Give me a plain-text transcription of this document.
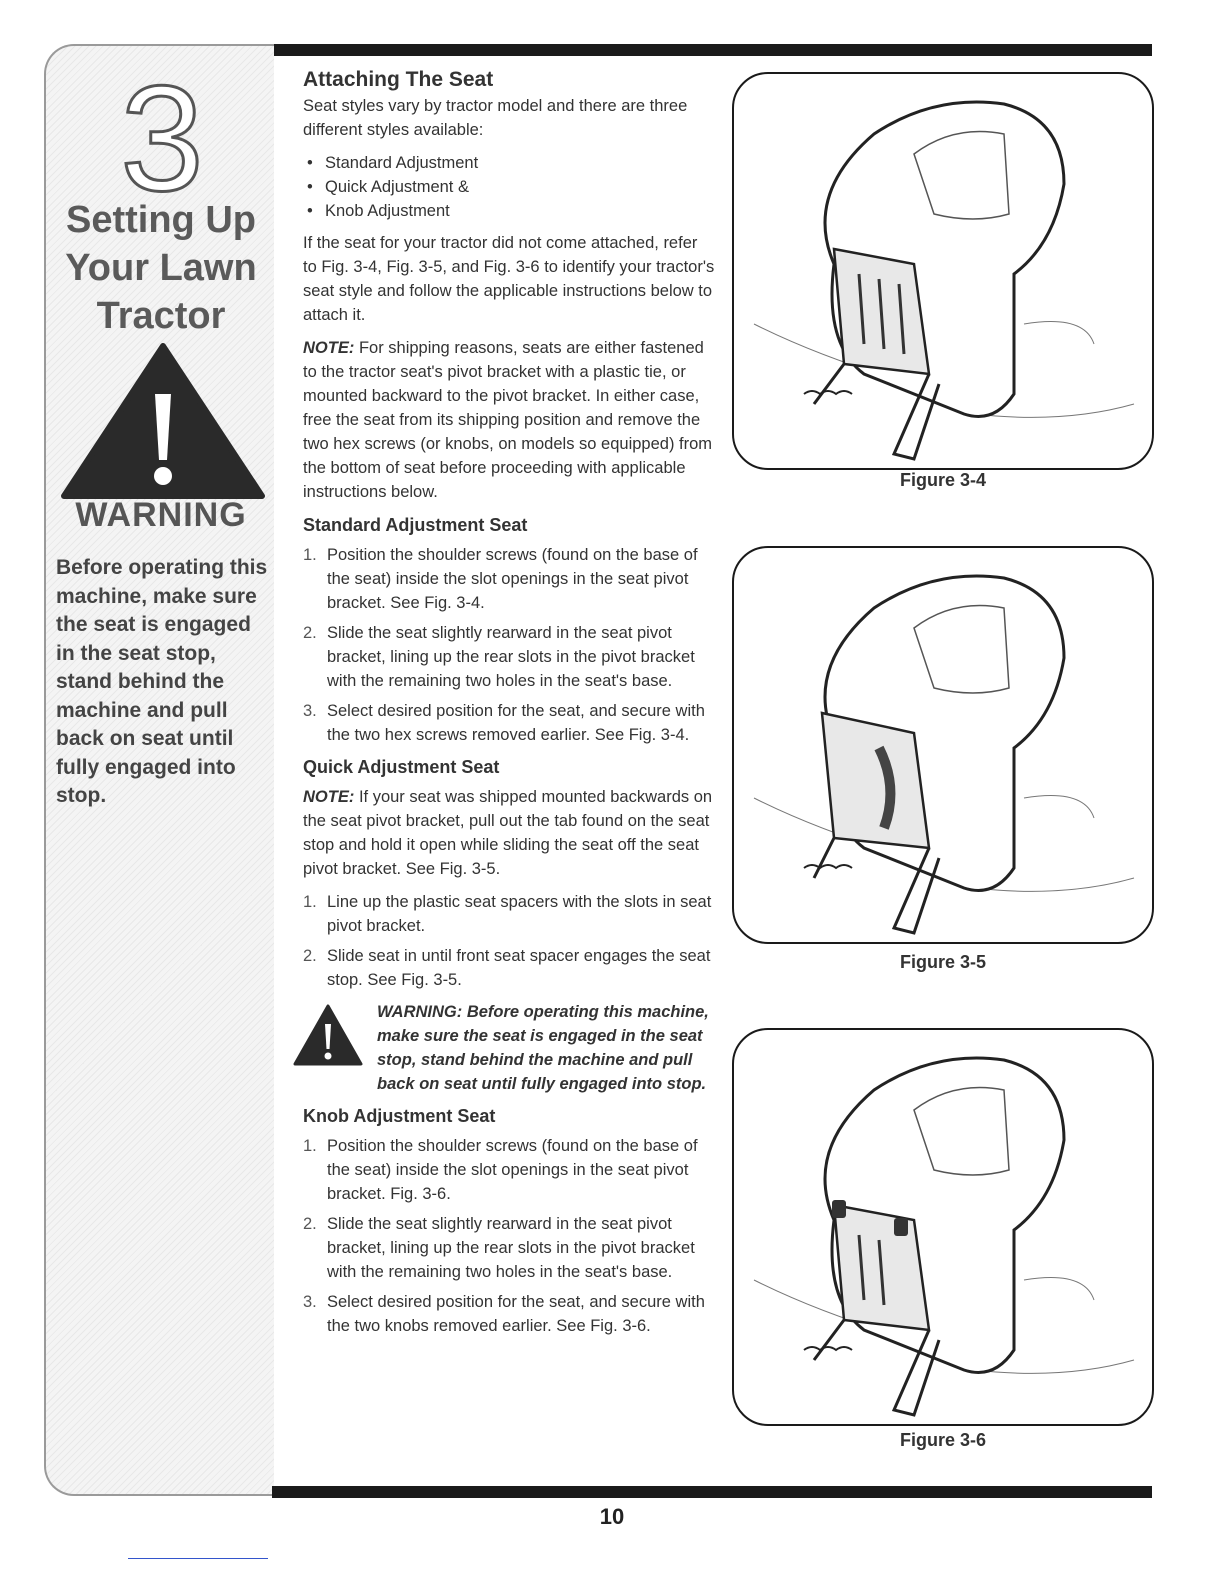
3
Setting Up
Your Lawn
Tractor
WARNING
Before operating this machine, make sure the seat is engaged in the seat stop, stand behind the machine and pull back on seat until fully engaged into stop.
Attaching The Seat

Seat styles vary by tractor model and there are three different styles available:

• Standard Adjustment
• Quick Adjustment &
• Knob Adjustment

If the seat for your tractor did not come attached, refer to Fig. 3-4, Fig. 3-5, and Fig. 3-6 to identify your tractor's seat style and follow the applicable instructions below to attach it.

NOTE: For shipping reasons, seats are either fastened to the tractor seat's pivot bracket with a plastic tie, or mounted backward to the pivot bracket. In either case, free the seat from its shipping position and remove the two hex screws (or knobs, on models so equipped) from the bottom of seat before proceeding with applicable instructions below.

Standard Adjustment Seat
1. Position the shoulder screws (found on the base of the seat) inside the slot openings in the seat pivot bracket. See Fig. 3-4.
2. Slide the seat slightly rearward in the seat pivot bracket, lining up the rear slots in the pivot bracket with the remaining two holes in the seat's base.
3. Select desired position for the seat, and secure with the two hex screws removed earlier. See Fig. 3-4.
Quick Adjustment Seat

NOTE: If your seat was shipped mounted backwards on the seat pivot bracket, pull out the tab found on the seat stop and hold it open while sliding the seat off the seat pivot bracket. See Fig. 3-5.

1. Line up the plastic seat spacers with the slots in seat pivot bracket.
2. Slide seat in until front seat spacer engages the seat stop. See Fig. 3-5.
WARNING: Before operating this machine, make sure the seat is engaged in the seat stop, stand behind the machine and pull back on seat until fully engaged into stop.
Knob Adjustment Seat
1. Position the shoulder screws (found on the base of the seat) inside the slot openings in the seat pivot bracket. Fig. 3-6.
2. Slide the seat slightly rearward in the seat pivot bracket, lining up the rear slots in the pivot bracket with the remaining two holes in the seat's base.
3. Select desired position for the seat, and secure with the two knobs removed earlier. See Fig. 3-6.
Figure 3-4
Figure 3-5
Figure 3-6
10
